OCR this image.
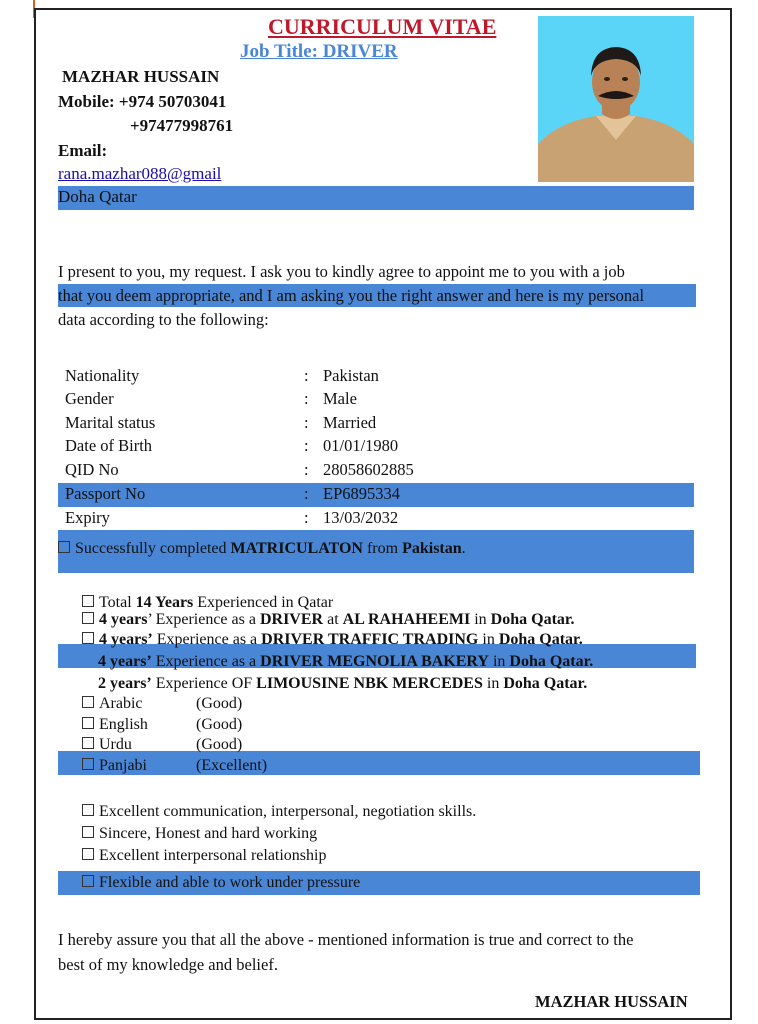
CURRICULUM VITAE
Job Title: DRIVER
MAZHAR HUSSAIN
Mobile: +974 50703041
+97477998761
Email:
rana.mazhar088@gmail
Doha Qatar
I present to you, my request. I ask you to kindly agree to appoint me to you with a job
that you deem appropriate, and I am asking you the right answer and here is my personal
data according to the following:
Nationality	: Pakistan
Gender	: Male
Marital status	: Married
Date of Birth	: 01/01/1980
QID No	: 28058602885
Passport No	: EP6895334
Expiry	: 13/03/2032
Successfully completed MATRICULATON from Pakistan.
Total 14 Years Experienced in Qatar
4 years’ Experience as a DRIVER at AL RAHAHEEMI in Doha Qatar.
4 years’ Experience as a DRIVER TRAFFIC TRADING in Doha Qatar.
4 years’ Experience as a DRIVER MEGNOLIA BAKERY in Doha Qatar.
2 years’ Experience OF LIMOUSINE NBK MERCEDES in Doha Qatar.
Arabic	(Good)
English	(Good)
Urdu	(Good)
Panjabi	(Excellent)
Excellent communication, interpersonal, negotiation skills.
Sincere, Honest and hard working
Excellent interpersonal relationship
Flexible and able to work under pressure
I hereby assure you that all the above - mentioned information is true and correct to the
best of my knowledge and belief.
MAZHAR HUSSAIN
